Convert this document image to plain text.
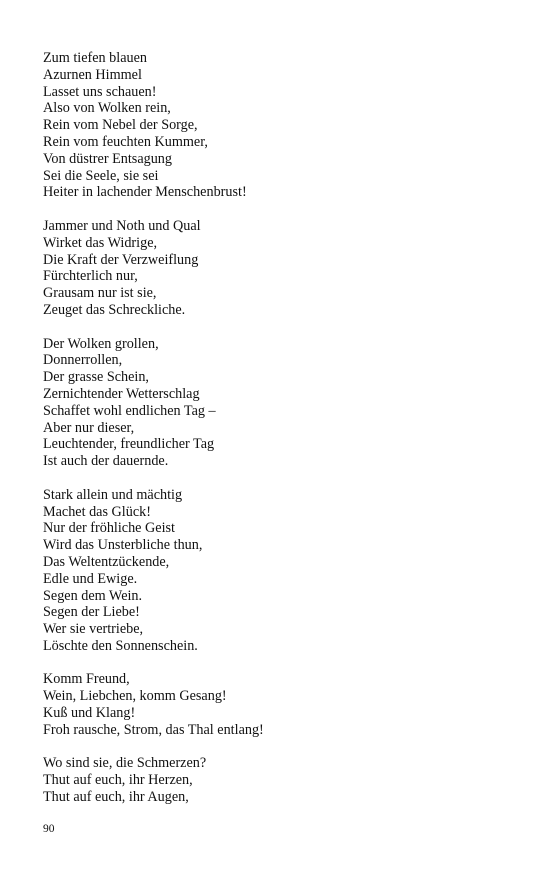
Zum tiefen blauen
Azurnen Himmel
Lasset uns schauen!
Also von Wolken rein,
Rein vom Nebel der Sorge,
Rein vom feuchten Kummer,
Von düstrer Entsagung
Sei die Seele, sie sei
Heiter in lachender Menschenbrust!
Jammer und Noth und Qual
Wirket das Widrige,
Die Kraft der Verzweiflung
Fürchterlich nur,
Grausam nur ist sie,
Zeuget das Schreckliche.
Der Wolken grollen,
Donnerrollen,
Der grasse Schein,
Zernichtender Wetterschlag
Schaffet wohl endlichen Tag –
Aber nur dieser,
Leuchtender, freundlicher Tag
Ist auch der dauernde.
Stark allein und mächtig
Machet das Glück!
Nur der fröhliche Geist
Wird das Unsterbliche thun,
Das Weltentzückende,
Edle und Ewige.
Segen dem Wein.
Segen der Liebe!
Wer sie vertriebe,
Löschte den Sonnenschein.
Komm Freund,
Wein, Liebchen, komm Gesang!
Kuß und Klang!
Froh rausche, Strom, das Thal entlang!
Wo sind sie, die Schmerzen?
Thut auf euch, ihr Herzen,
Thut auf euch, ihr Augen,
90
